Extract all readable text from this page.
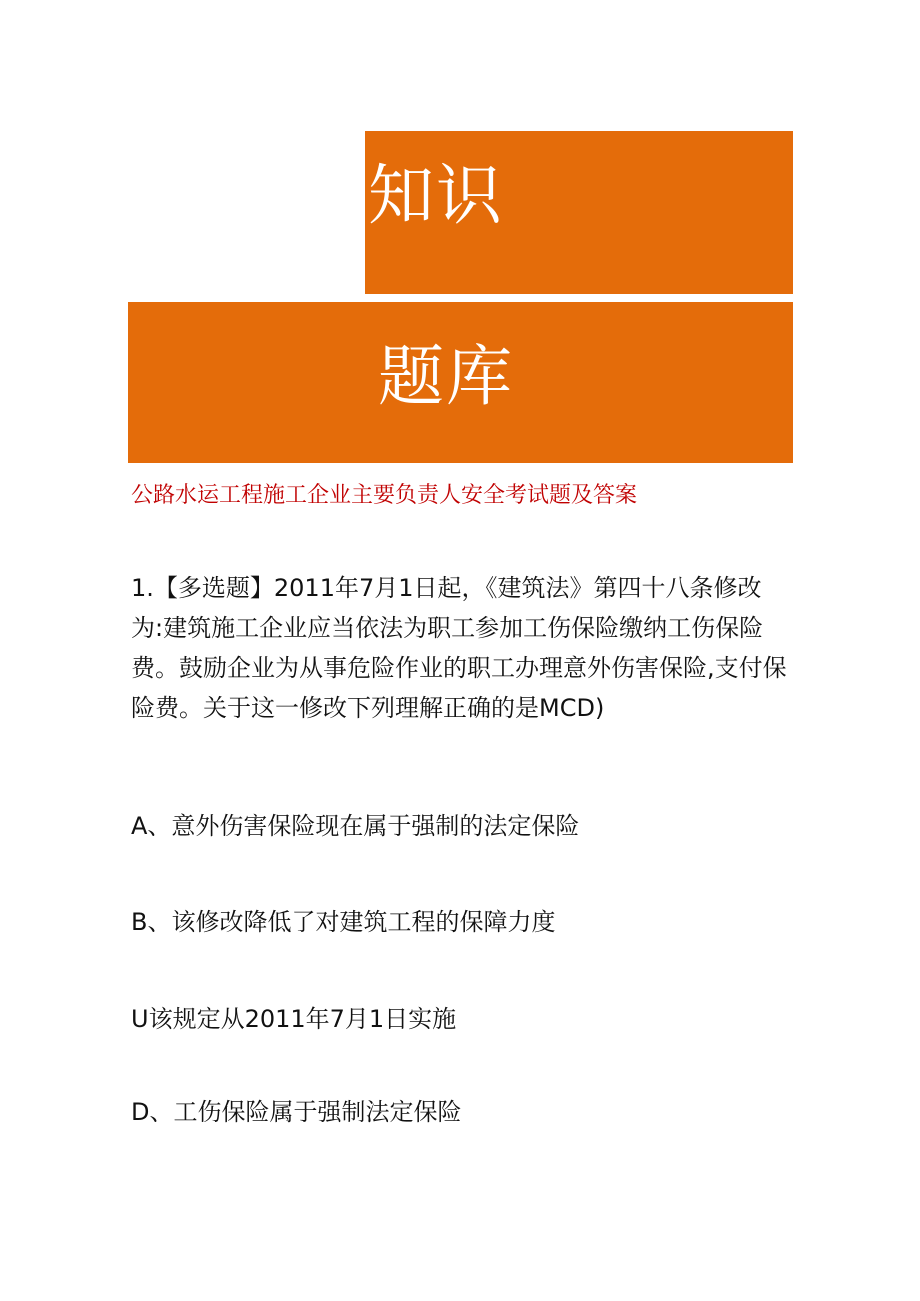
知识
题库
公路水运工程施工企业主要负责人安全考试题及答案
1.【多选题】2011年7月1日起，《建筑法》第四十八条修改为:建筑施工企业应当依法为职工参加工伤保险缴纳工伤保险费。鼓励企业为从事危险作业的职工办理意外伤害保险,支付保险费。关于这一修改下列理解正确的是MCD)
A、意外伤害保险现在属于强制的法定保险
B、该修改降低了对建筑工程的保障力度
U该规定从2011年7月1日实施
D、工伤保险属于强制法定保险
